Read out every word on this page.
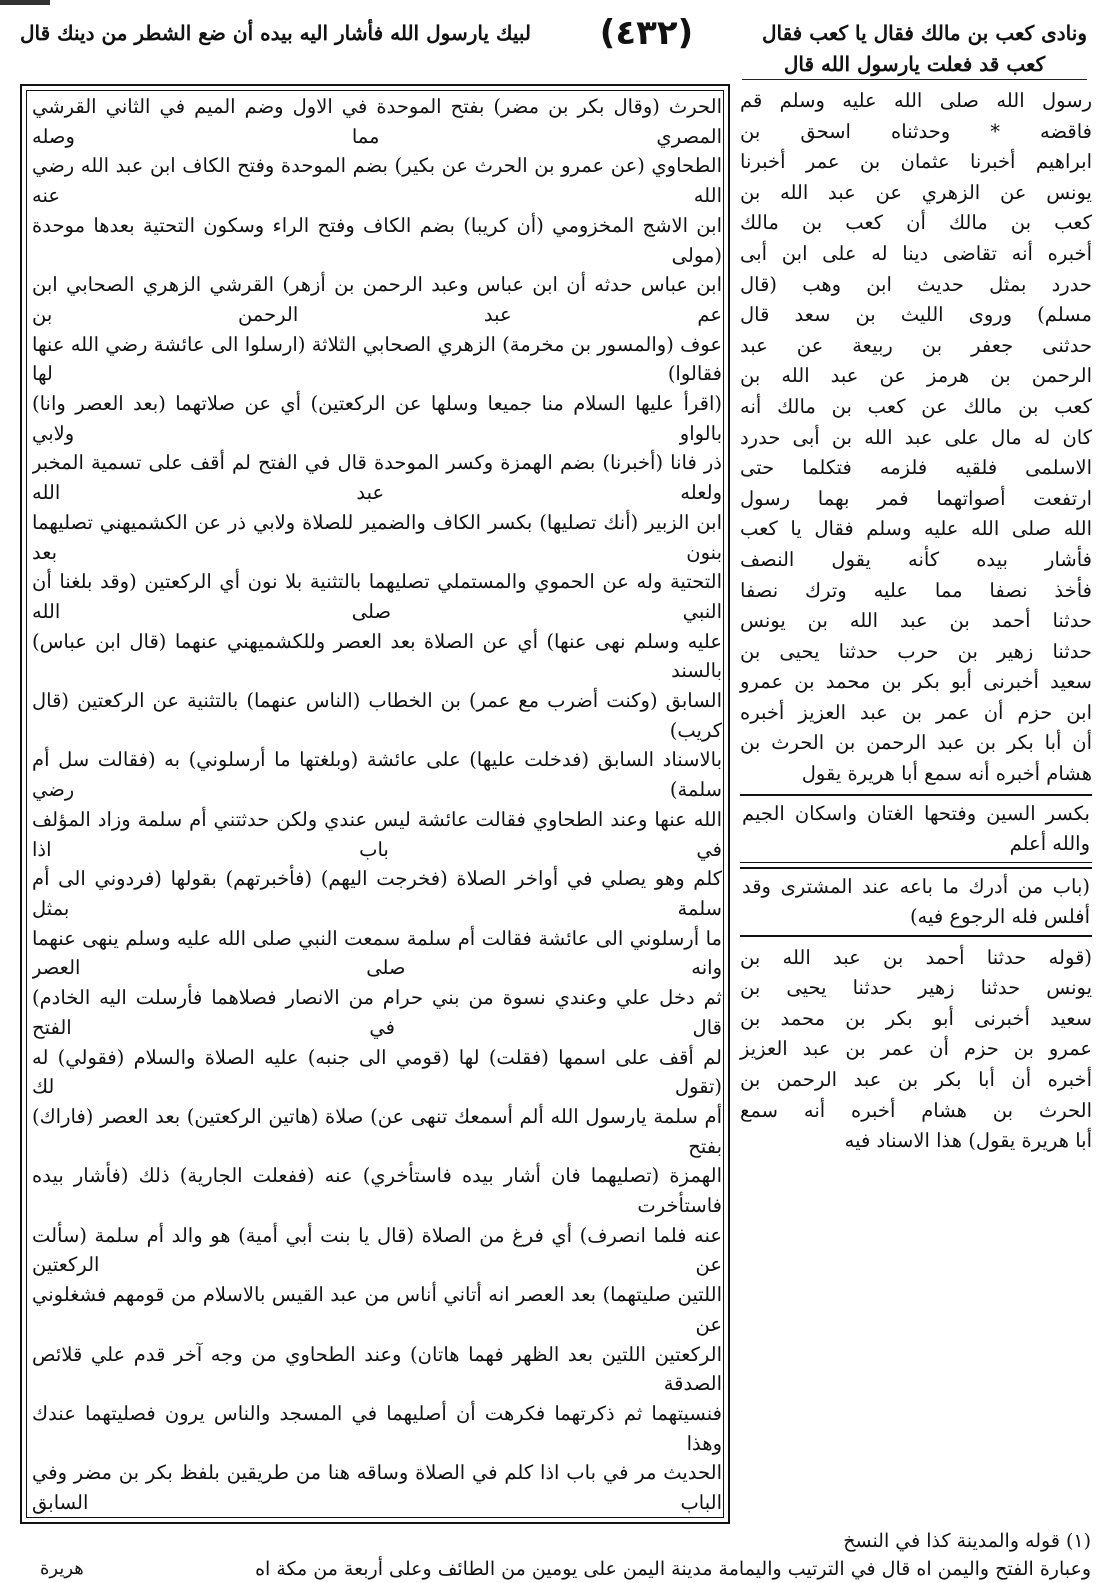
ونادى كعب بن مالك فقال يا كعب فقال
(٤٣٢)
لبيك يارسول الله فأشار اليه بيده أن ضع الشطر من دينك قال
كعب قد فعلت يارسول الله قال

الحرث (وقال بكر بن مضر) بفتح الموحدة في الاول وضم الميم في الثاني القرشي المصري مما وصله

الطحاوي (عن عمرو بن الحرث عن بكير) بضم الموحدة وفتح الكاف ابن عبد الله رضي الله عنه

ابن الاشج المخزومي (أن كريبا) بضم الكاف وفتح الراء وسكون التحتية بعدها موحدة (مولى

ابن عباس حدثه أن ابن عباس وعبد الرحمن بن أزهر) القرشي الزهري الصحابي ابن عم عبد الرحمن بن

عوف (والمسور بن مخرمة) الزهري الصحابي الثلاثة (ارسلوا الى عائشة رضي الله عنها فقالوا) لها

(اقرأ عليها السلام منا جميعا وسلها عن الركعتين) أي عن صلاتهما (بعد العصر وانا) بالواو ولابي

ذر فانا (أخبرنا) بضم الهمزة وكسر الموحدة قال في الفتح لم أقف على تسمية المخبر ولعله عبد الله

ابن الزبير (أنك تصليها) بكسر الكاف والضمير للصلاة ولابي ذر عن الكشميهني تصليهما بنون بعد

التحتية وله عن الحموي والمستملي تصليهما بالتثنية بلا نون أي الركعتين (وقد بلغنا أن النبي صلى الله

عليه وسلم نهى عنها) أي عن الصلاة بعد العصر وللكشميهني عنهما (قال ابن عباس) بالسند

السابق (وكنت أضرب مع عمر) بن الخطاب (الناس عنهما) بالتثنية عن الركعتين (قال كريب)

بالاسناد السابق (فدخلت عليها) على عائشة (وبلغتها ما أرسلوني) به (فقالت سل أم سلمة) رضي

الله عنها وعند الطحاوي فقالت عائشة ليس عندي ولكن حدثتني أم سلمة وزاد المؤلف في باب اذا

كلم وهو يصلي في أواخر الصلاة (فخرجت اليهم) (فأخبرتهم) بقولها (فردوني الى أم سلمة بمثل

ما أرسلوني الى عائشة فقالت أم سلمة سمعت النبي صلى الله عليه وسلم ينهى عنهما وانه صلى العصر

ثم دخل علي وعندي نسوة من بني حرام من الانصار فصلاهما فأرسلت اليه الخادم) قال في الفتح

لم أقف على اسمها (فقلت) لها (قومي الى جنبه) عليه الصلاة والسلام (فقولي) له (تقول لك

أم سلمة يارسول الله ألم أسمعك تنهى عن) صلاة (هاتين الركعتين) بعد العصر (فاراك) بفتح

الهمزة (تصليهما فان أشار بيده فاستأخري) عنه (ففعلت الجارية) ذلك (فأشار بيده فاستأخرت

عنه فلما انصرف) أي فرغ من الصلاة (قال يا بنت أبي أمية) هو والد أم سلمة (سألت عن الركعتين

اللتين صليتهما) بعد العصر انه أتاني أناس من عبد القيس بالاسلام من قومهم فشغلوني عن

الركعتين اللتين بعد الظهر فهما هاتان) وعند الطحاوي من وجه آخر قدم علي قلائص الصدقة

فنسيتهما ثم ذكرتهما فكرهت أن أصليهما في المسجد والناس يرون فصليتهما عندك وهذا

الحديث مر في باب اذا كلم في الصلاة وساقه هنا من طريقين بلفظ بكر بن مضر وفي الباب السابق

رسول الله صلى الله عليه وسلم قم

فاقضه * وحدثناه اسحق بن

ابراهيم أخبرنا عثمان بن عمر أخبرنا

يونس عن الزهري عن عبد الله بن

كعب بن مالك أن كعب بن مالك

أخبره أنه تقاضى دينا له على ابن أبى

حدرد بمثل حديث ابن وهب (قال

مسلم) وروى الليث بن سعد قال

حدثنى جعفر بن ربيعة عن عبد

الرحمن بن هرمز عن عبد الله بن

كعب بن مالك عن كعب بن مالك أنه

كان له مال على عبد الله بن أبى حدرد

الاسلمى فلقيه فلزمه فتكلما حتى

ارتفعت أصواتهما فمر بهما رسول

الله صلى الله عليه وسلم فقال يا كعب

فأشار بيده كأنه يقول النصف

فأخذ نصفا مما عليه وترك نصفا

حدثنا أحمد بن عبد الله بن يونس

حدثنا زهير بن حرب حدثنا يحيى بن

سعيد أخبرنى أبو بكر بن محمد بن عمرو

ابن حزم أن عمر بن عبد العزيز أخبره

أن أبا بكر بن عبد الرحمن بن الحرث بن

هشام أخبره أنه سمع أبا هريرة يقول

بكسر السين وفتحها الغتان واسكان الجيم والله أعلم

(باب من أدرك ما باعه عند المشترى وقد أفلس فله الرجوع فيه)

(قوله حدثنا أحمد بن عبد الله بن

يونس حدثنا زهير حدثنا يحيى بن

سعيد أخبرنى أبو بكر بن محمد بن

عمرو بن حزم أن عمر بن عبد العزيز

أخبره أن أبا بكر بن عبد الرحمن بن

الحرث بن هشام أخبره أنه سمع

أبا هريرة يقول) هذا الاسناد فيه

(١) قوله والمدينة كذا في النسخ
وعبارة الفتح واليمن اه قال في الترتيب واليمامة مدينة اليمن على يومين من الطائف وعلى أربعة من مكة اه
هريرة
